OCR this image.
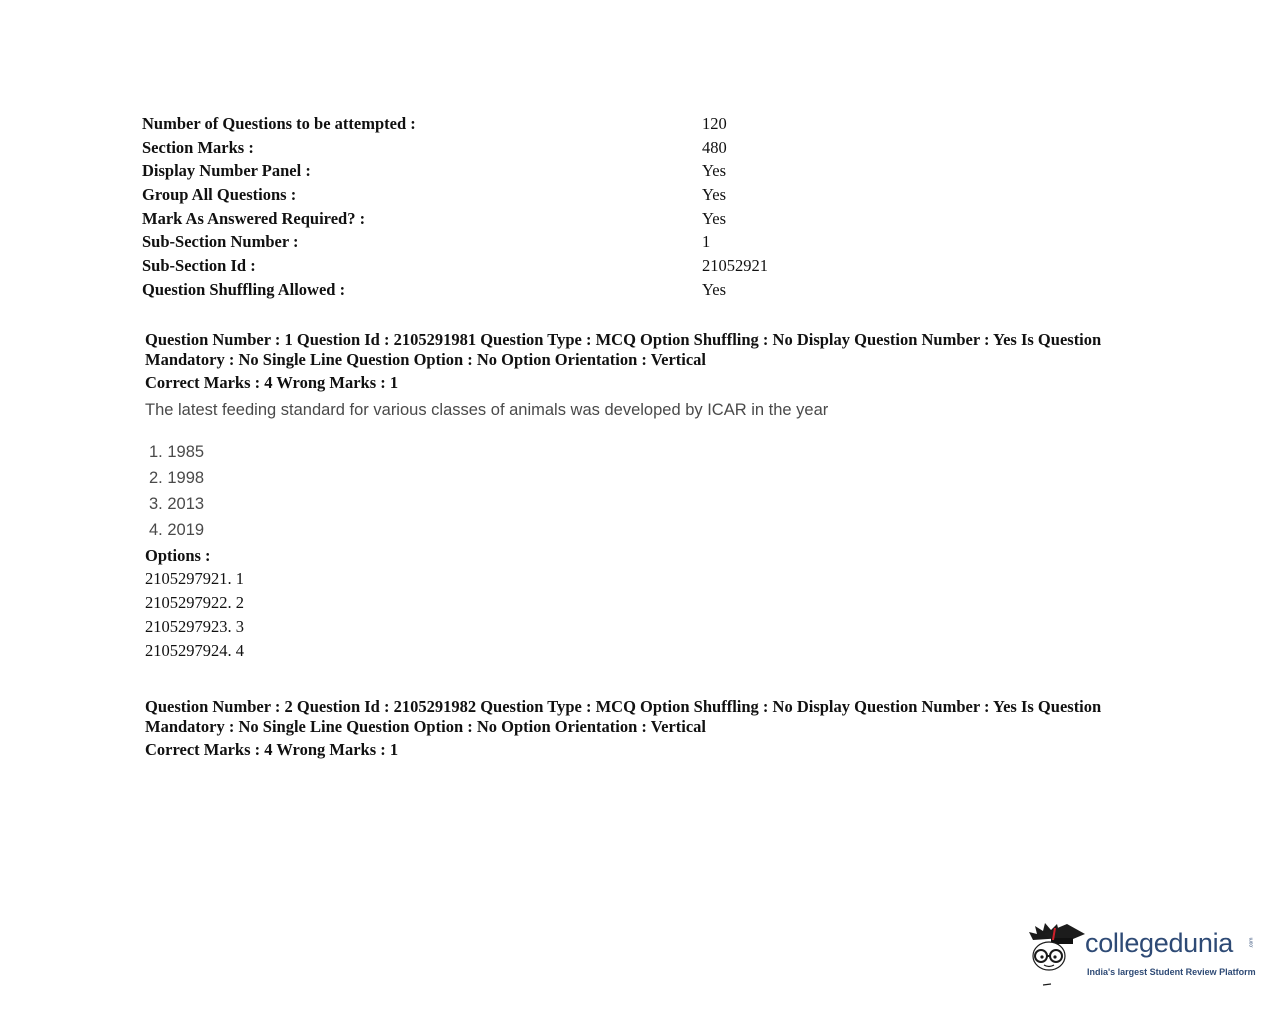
Number of Questions to be attempted :	120
Section Marks :	480
Display Number Panel :	Yes
Group All Questions :	Yes
Mark As Answered Required? :	Yes
Sub-Section Number :	1
Sub-Section Id :	21052921
Question Shuffling Allowed :	Yes
Question Number : 1 Question Id : 2105291981 Question Type : MCQ Option Shuffling : No Display Question Number : Yes Is Question Mandatory : No Single Line Question Option : No Option Orientation : Vertical
Correct Marks : 4 Wrong Marks : 1
The latest feeding standard for various classes of animals was developed by ICAR in the year
1. 1985
2. 1998
3. 2013
4. 2019
Options :
2105297921. 1
2105297922. 2
2105297923. 3
2105297924. 4
Question Number : 2 Question Id : 2105291982 Question Type : MCQ Option Shuffling : No Display Question Number : Yes Is Question Mandatory : No Single Line Question Option : No Option Orientation : Vertical
Correct Marks : 4 Wrong Marks : 1
collegedunia	.com
India's largest Student Review Platform
